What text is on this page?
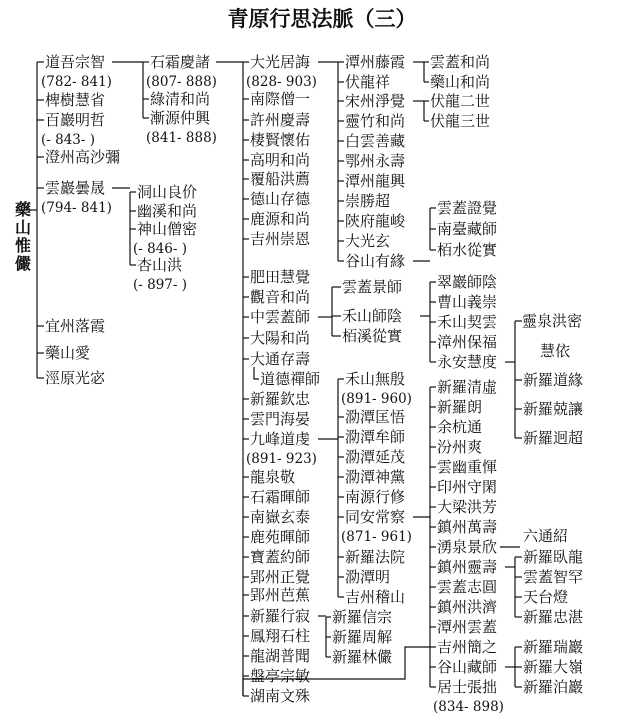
青原行思法脈（三）
道吾宗智
(782- 841)
椑樹慧省
百巖明哲
(- 843- )
澄州高沙彌
雲巖曇晟
(794- 841)
宜州落霞
藥山愛
涇原光宓
石霜慶諸
(807- 888)
綠清和尚
漸源仲興
(841- 888)
洞山良价
幽溪和尚
神山僧密
(- 846- )
杏山洪
(- 897- )
大光居誨
(828- 903)
南際僧一
許州慶壽
棲賢懷佑
高明和尚
覆船洪薦
德山存德
鹿源和尚
吉州崇恩
肥田慧覺
觀音和尚
中雲蓋師
大陽和尚
大通存壽
道德禪師
新羅欽忠
雲門海晏
九峰道虔
(891- 923)
龍泉敬
石霜暉師
南嶽玄泰
鹿苑暉師
寶蓋約師
郢州正覺
郢州芭蕉
新羅行寂
鳳翔石柱
龍湖普聞
盤亭宗敏
湖南文殊
潭州藤霞
伏龍祥
宋州淨覺
靈竹和尚
白雲善藏
鄂州永壽
潭州龍興
崇勝超
陝府龍峻
大光玄
谷山有緣
雲蓋景師
禾山師陰
栢溪從實
禾山無殷
(891- 960)
泐潭匡悟
泐潭牟師
泐潭延茂
泐潭神黨
南源行修
同安常察
(871- 961)
新羅法院
泐潭明
吉州稽山
新羅信宗
新羅周解
新羅林儼
雲蓋和尚
藥山和尚
伏龍二世
伏龍三世
雲蓋證覺
南臺藏師
栢水從實
翠巖師陰
曹山義崇
禾山契雲
漳州保福
永安慧度
新羅清虛
新羅朗
余杭通
汾州爽
雲幽重惲
印州守閑
大梁洪芳
鎮州萬壽
湧泉景欣
鎮州靈壽
雲蓋志圓
鎮州洪濟
潭州雲蓋
吉州簡之
谷山藏師
居士張拙
(834- 898)
靈泉洪密
慧依
新羅道緣
新羅兢讓
新羅迥超
六通紹
新羅臥龍
雲蓋智罕
天台燈
新羅忠湛
新羅瑞巖
新羅大嶺
新羅泊巖
藥山惟儼
